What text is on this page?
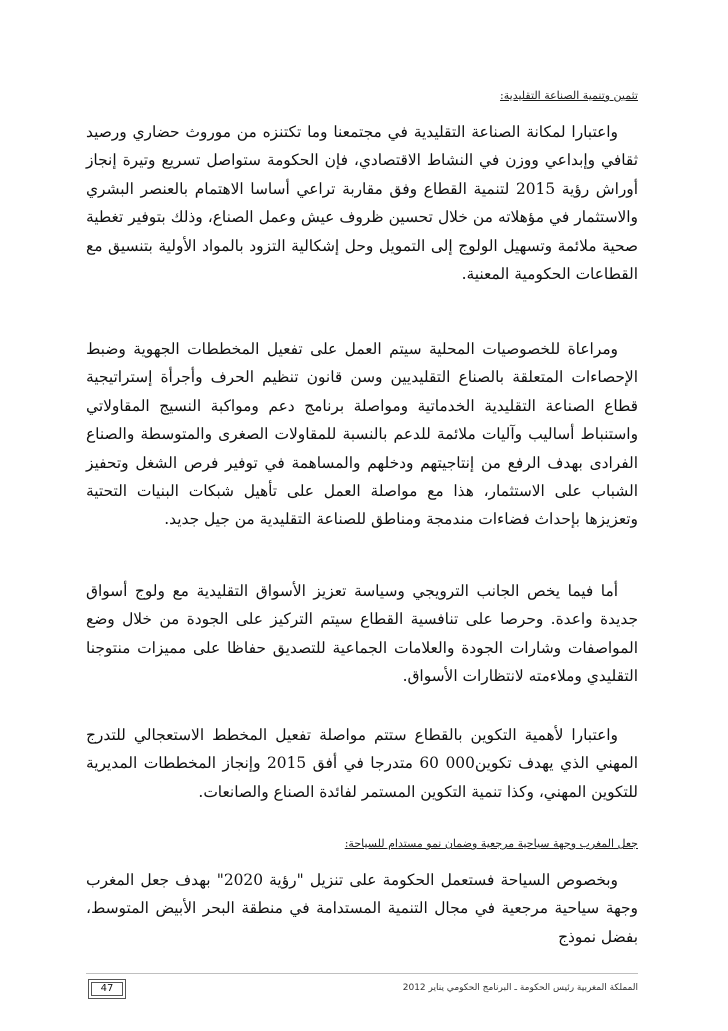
تثمين وتنمية الصناعة التقليدية:

واعتبارا لمكانة الصناعة التقليدية في مجتمعنا وما تكتنزه من موروث حضاري ورصيد ثقافي وإبداعي ووزن في النشاط الاقتصادي، فإن الحكومة ستواصل تسريع وتيرة إنجاز أوراش رؤية 2015 لتنمية القطاع وفق مقاربة تراعي أساسا الاهتمام بالعنصر البشري والاستثمار في مؤهلاته من خلال تحسين ظروف عيش وعمل الصناع، وذلك بتوفير تغطية صحية ملائمة وتسهيل الولوج إلى التمويل وحل إشكالية التزود بالمواد الأولية بتنسيق مع القطاعات الحكومية المعنية.

ومراعاة للخصوصيات المحلية سيتم العمل على تفعيل المخططات الجهوية وضبط الإحصاءات المتعلقة بالصناع التقليديين وسن قانون تنظيم الحرف وأجرأة إستراتيجية قطاع الصناعة التقليدية الخدماتية ومواصلة برنامج دعم ومواكبة النسيج المقاولاتي واستنباط أساليب وآليات ملائمة للدعم بالنسبة للمقاولات الصغرى والمتوسطة والصناع الفرادى بهدف الرفع من إنتاجيتهم ودخلهم والمساهمة في توفير فرص الشغل وتحفيز الشباب على الاستثمار، هذا مع مواصلة العمل على تأهيل شبكات البنيات التحتية وتعزيزها بإحداث فضاءات مندمجة ومناطق للصناعة التقليدية من جيل جديد.

أما فيما يخص الجانب الترويجي وسياسة تعزيز الأسواق التقليدية مع ولوج أسواق جديدة واعدة. وحرصا على تنافسية القطاع سيتم التركيز على الجودة من خلال وضع المواصفات وشارات الجودة والعلامات الجماعية للتصديق حفاظا على مميزات منتوجنا التقليدي وملاءمته لانتظارات الأسواق.

واعتبارا لأهمية التكوين بالقطاع ستتم مواصلة تفعيل المخطط الاستعجالي للتدرج المهني الذي يهدف تكوين000 60 متدرجا في أفق 2015 وإنجاز المخططات المديرية للتكوين المهني، وكذا تنمية التكوين المستمر لفائدة الصناع والصانعات.

جعل المغرب وجهة سياحية مرجعية وضمان نمو مستدام للسياحة:

وبخصوص السياحة فستعمل الحكومة على تنزيل "رؤية 2020" بهدف جعل المغرب وجهة سياحية مرجعية في مجال التنمية المستدامة في منطقة البحر الأبيض المتوسط، بفضل نموذج

المملكة المغربية رئيس الحكومة ـ البرنامج الحكومي يناير 2012
47
